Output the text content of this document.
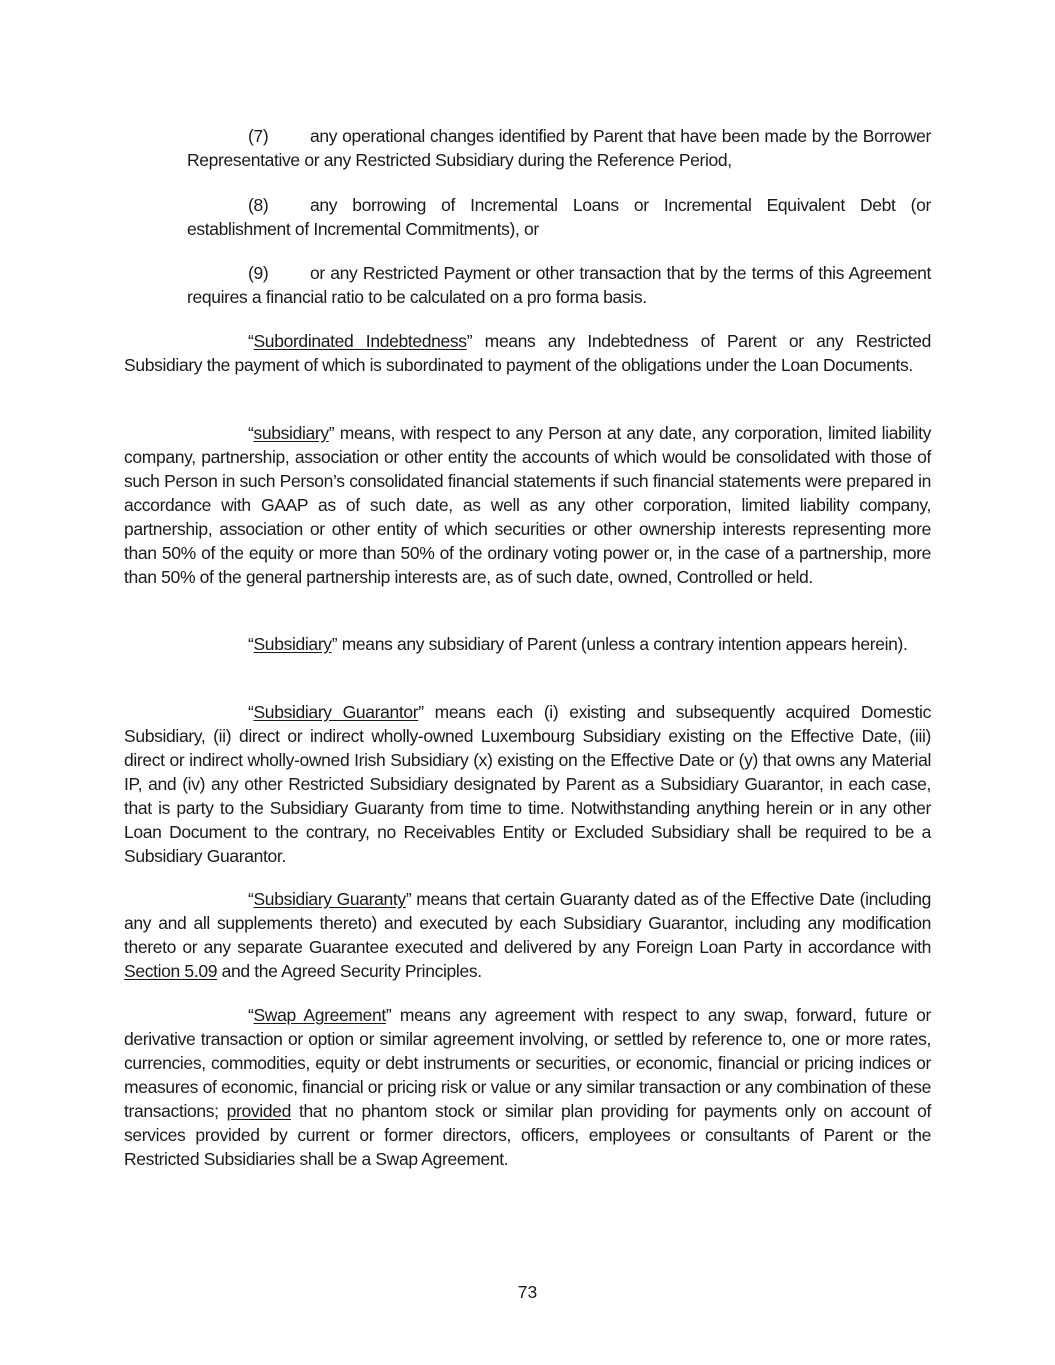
(7) any operational changes identified by Parent that have been made by the Borrower Representative or any Restricted Subsidiary during the Reference Period,

(8) any borrowing of Incremental Loans or Incremental Equivalent Debt (or establishment of Incremental Commitments), or

(9) or any Restricted Payment or other transaction that by the terms of this Agreement requires a financial ratio to be calculated on a pro forma basis.

“Subordinated Indebtedness” means any Indebtedness of Parent or any Restricted Subsidiary the payment of which is subordinated to payment of the obligations under the Loan Documents.

“subsidiary” means, with respect to any Person at any date, any corporation, limited liability company, partnership, association or other entity the accounts of which would be consolidated with those of such Person in such Person’s consolidated financial statements if such financial statements were prepared in accordance with GAAP as of such date, as well as any other corporation, limited liability company, partnership, association or other entity of which securities or other ownership interests representing more than 50% of the equity or more than 50% of the ordinary voting power or, in the case of a partnership, more than 50% of the general partnership interests are, as of such date, owned, Controlled or held.

“Subsidiary” means any subsidiary of Parent (unless a contrary intention appears herein).

“Subsidiary Guarantor” means each (i) existing and subsequently acquired Domestic Subsidiary, (ii) direct or indirect wholly-owned Luxembourg Subsidiary existing on the Effective Date, (iii) direct or indirect wholly-owned Irish Subsidiary (x) existing on the Effective Date or (y) that owns any Material IP, and (iv) any other Restricted Subsidiary designated by Parent as a Subsidiary Guarantor, in each case, that is party to the Subsidiary Guaranty from time to time. Notwithstanding anything herein or in any other Loan Document to the contrary, no Receivables Entity or Excluded Subsidiary shall be required to be a Subsidiary Guarantor.

“Subsidiary Guaranty” means that certain Guaranty dated as of the Effective Date (including any and all supplements thereto) and executed by each Subsidiary Guarantor, including any modification thereto or any separate Guarantee executed and delivered by any Foreign Loan Party in accordance with Section 5.09 and the Agreed Security Principles.

“Swap Agreement” means any agreement with respect to any swap, forward, future or derivative transaction or option or similar agreement involving, or settled by reference to, one or more rates, currencies, commodities, equity or debt instruments or securities, or economic, financial or pricing indices or measures of economic, financial or pricing risk or value or any similar transaction or any combination of these transactions; provided that no phantom stock or similar plan providing for payments only on account of services provided by current or former directors, officers, employees or consultants of Parent or the Restricted Subsidiaries shall be a Swap Agreement.

73
